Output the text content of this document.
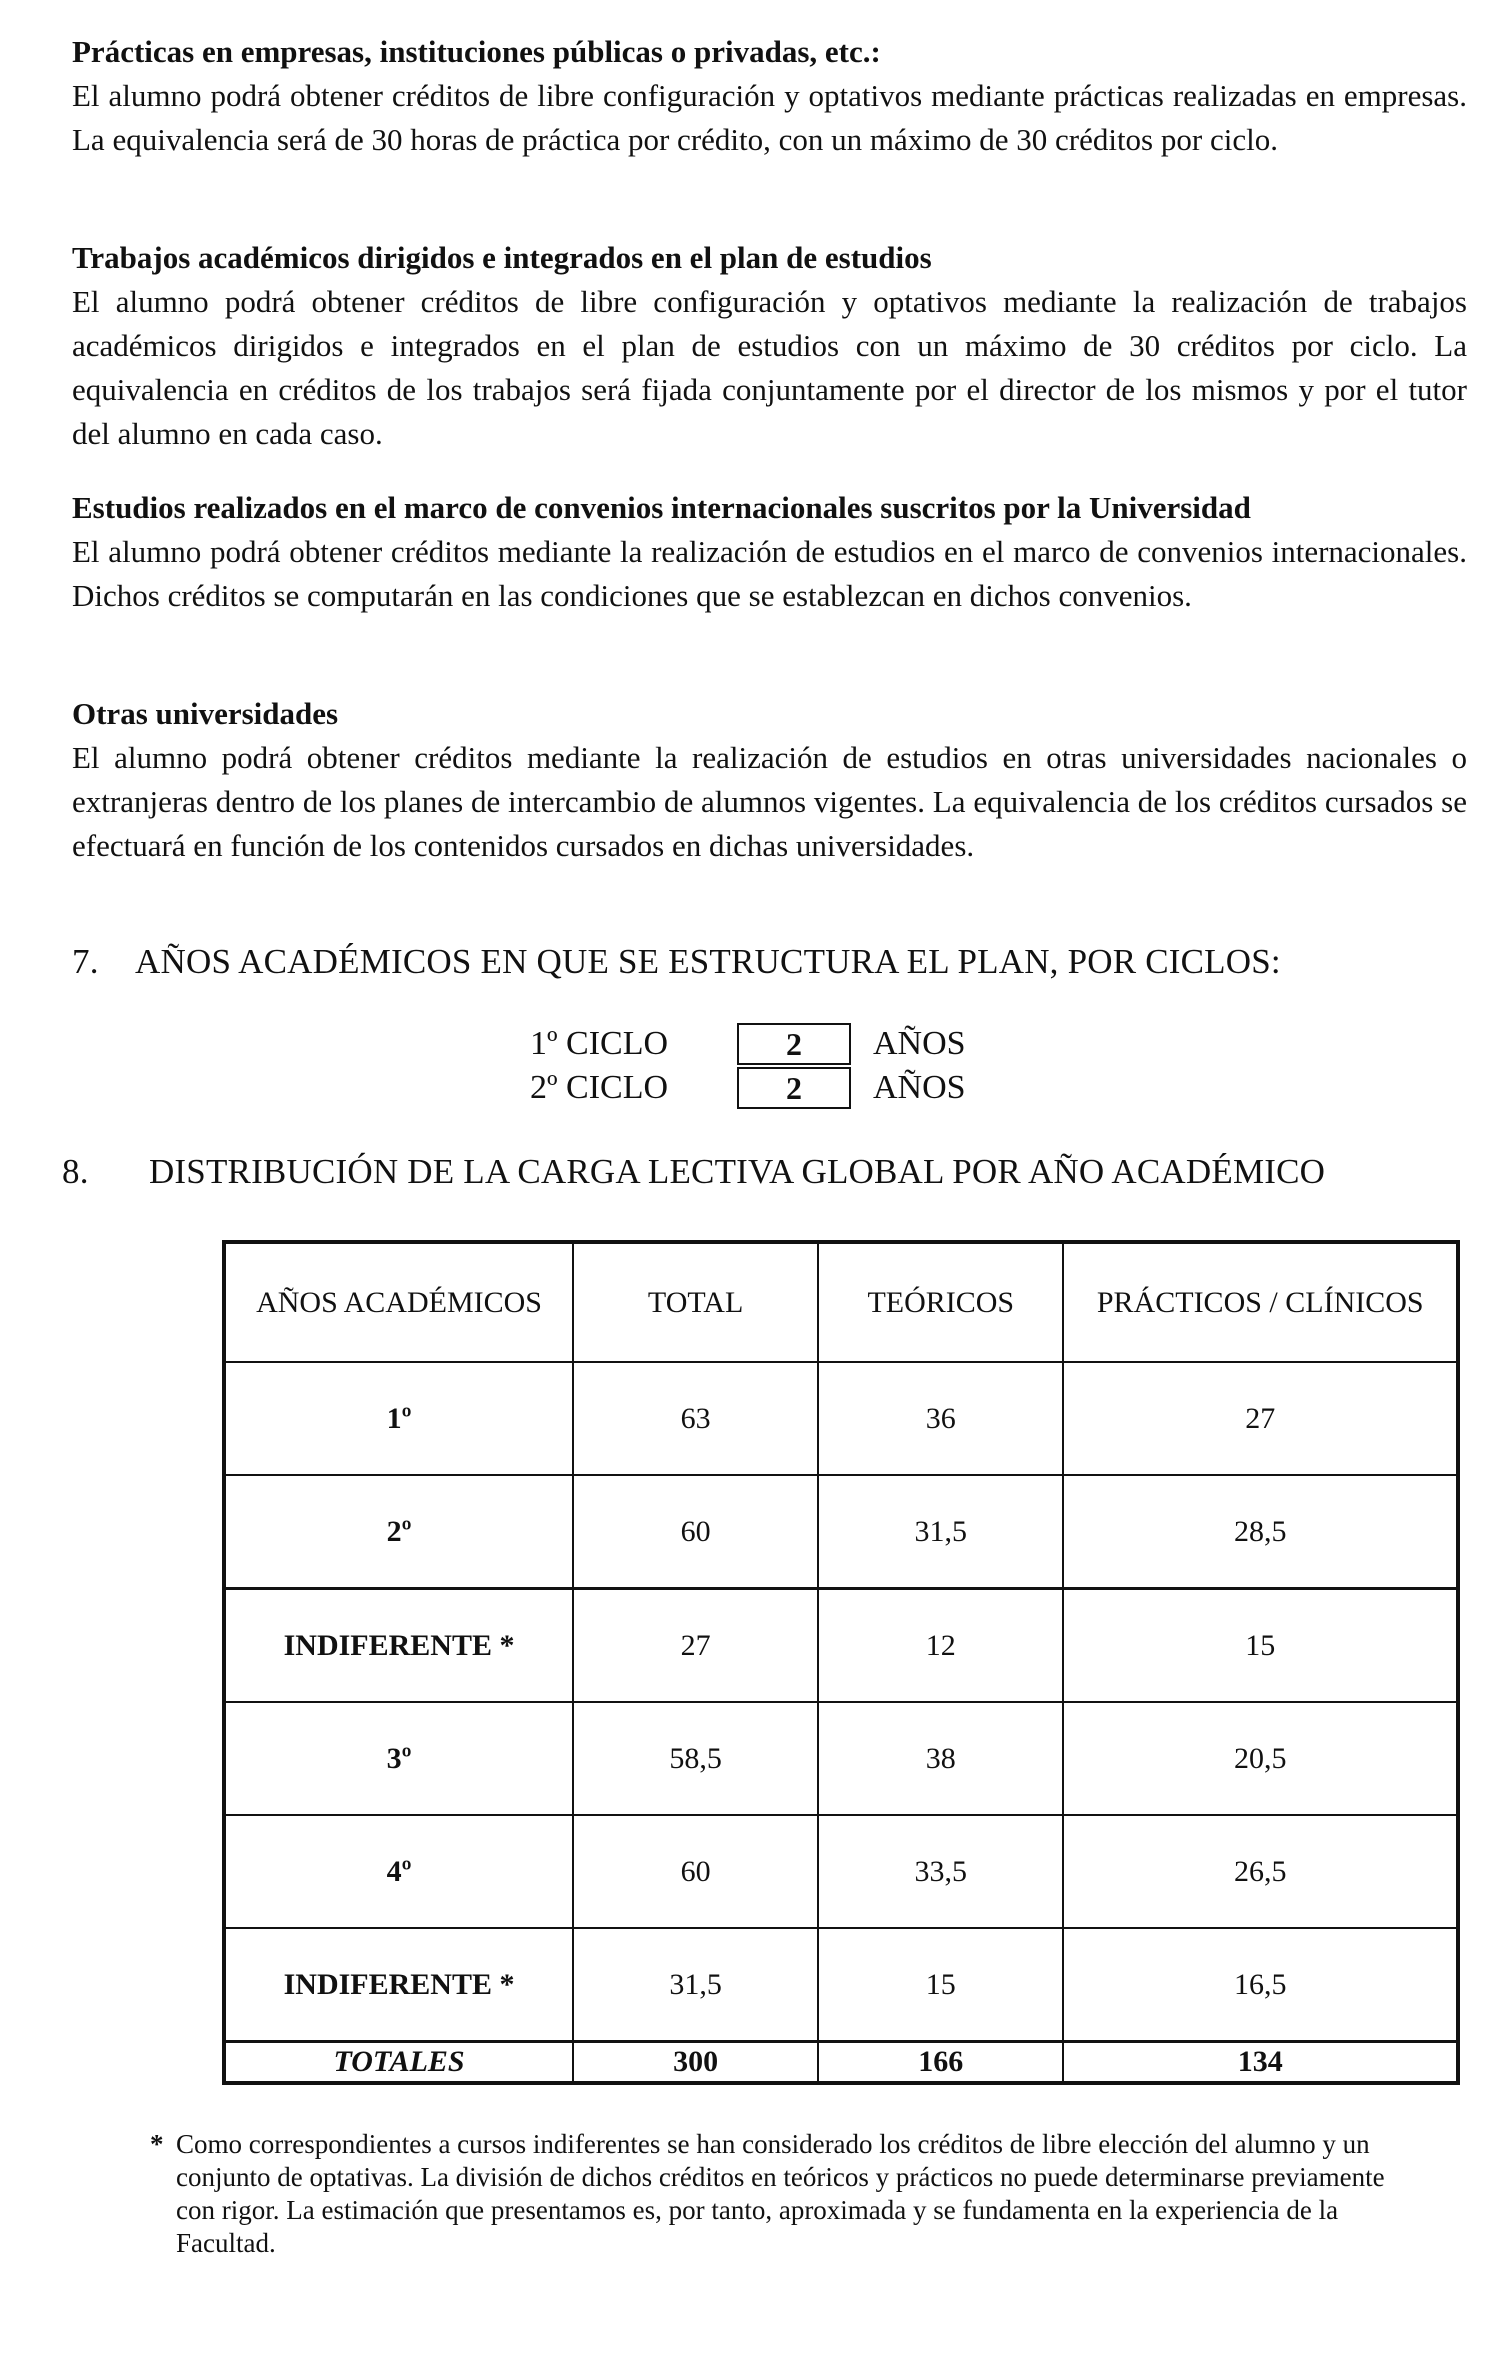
Prácticas en empresas, instituciones públicas o privadas, etc.:

El alumno podrá obtener créditos de libre configuración y optativos mediante prácticas realizadas en empresas. La equivalencia será de 30 horas de práctica por crédito, con un máximo de 30 créditos por ciclo.

Trabajos académicos dirigidos e integrados en el plan de estudios

El alumno podrá obtener créditos de libre configuración y optativos mediante la realización de trabajos académicos dirigidos e integrados en el plan de estudios con un máximo de 30 créditos por ciclo. La equivalencia en créditos de los trabajos será fijada conjuntamente por el director de los mismos y por el tutor del alumno en cada caso.

Estudios realizados en el marco de convenios internacionales suscritos por la Universidad

El alumno podrá obtener créditos mediante la realización de estudios en el marco de convenios internacionales. Dichos créditos se computarán en las condiciones que se establezcan en dichos convenios.

Otras universidades

El alumno podrá obtener créditos mediante la realización de estudios en otras universidades nacionales o extranjeras dentro de los planes de intercambio de alumnos vigentes. La equivalencia de los créditos cursados se efectuará en función de los contenidos cursados en dichas universidades.

7. AÑOS ACADÉMICOS EN QUE SE ESTRUCTURA EL PLAN, POR CICLOS:
1º CICLO	2	AÑOS
2º CICLO	2	AÑOS
8. DISTRIBUCIÓN DE LA CARGA LECTIVA GLOBAL POR AÑO ACADÉMICO
AÑOS ACADÉMICOS	TOTAL	TEÓRICOS	PRÁCTICOS / CLÍNICOS
1º	63	36	27
2º	60	31,5	28,5
INDIFERENTE *	27	12	15
3º	58,5	38	20,5
4º	60	33,5	26,5
INDIFERENTE *	31,5	15	16,5
TOTALES	300	166	134
* Como correspondientes a cursos indiferentes se han considerado los créditos de libre elección del alumno y un conjunto de optativas. La división de dichos créditos en teóricos y prácticos no puede determinarse previamente con rigor. La estimación que presentamos es, por tanto, aproximada y se fundamenta en la experiencia de la Facultad.
